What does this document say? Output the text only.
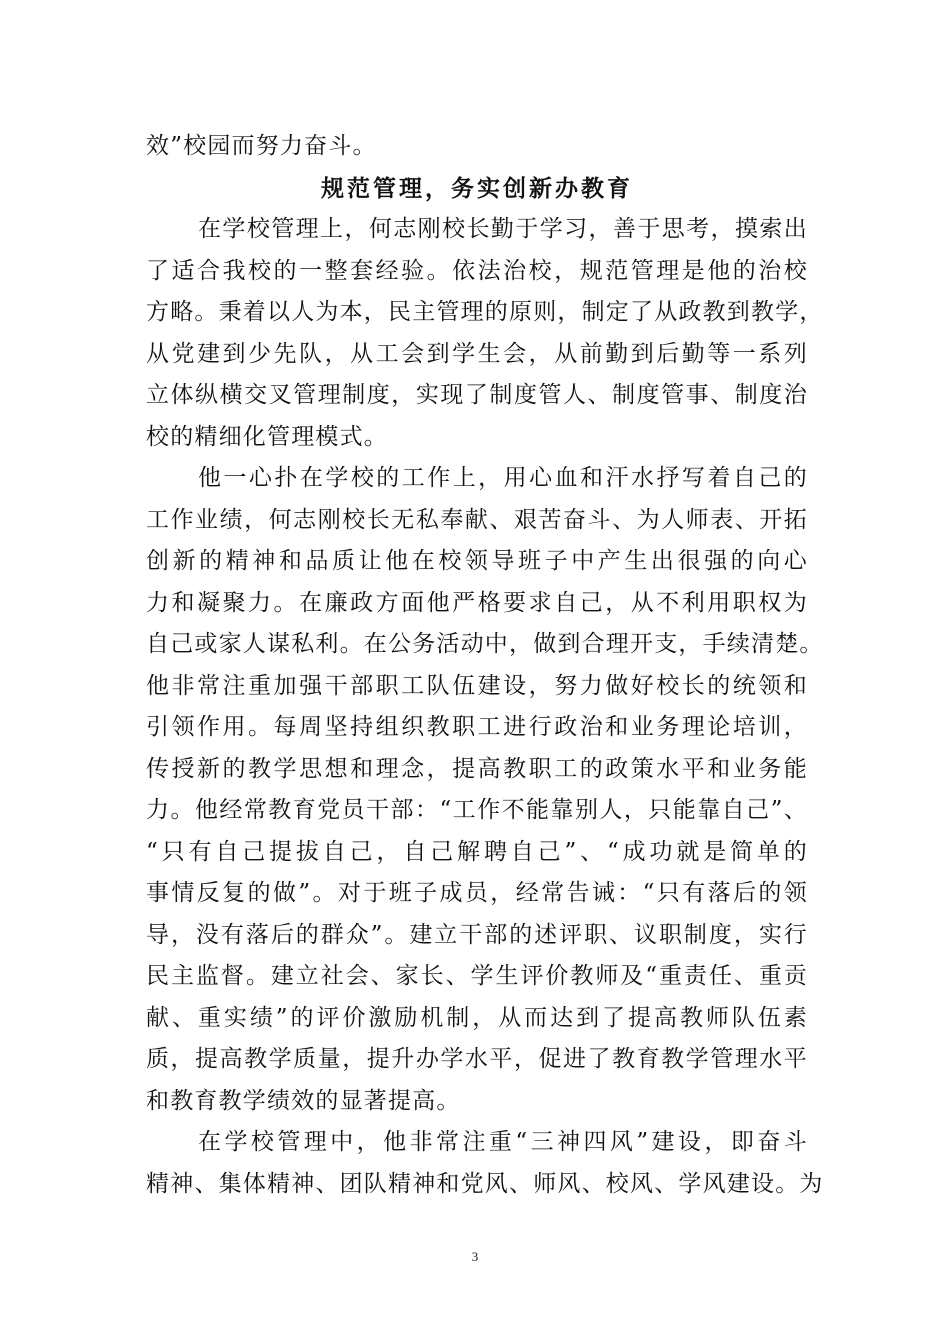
效”校园而努力奋斗。
规范管理，务实创新办教育
在学校管理上，何志刚校长勤于学习，善于思考，摸索出
了适合我校的一整套经验。依法治校，规范管理是他的治校
方略。秉着以人为本，民主管理的原则，制定了从政教到教学，
从党建到少先队，从工会到学生会，从前勤到后勤等一系列
立体纵横交叉管理制度，实现了制度管人、制度管事、制度治
校的精细化管理模式。
他一心扑在学校的工作上，用心血和汗水抒写着自己的
工作业绩，何志刚校长无私奉献、艰苦奋斗、为人师表、开拓
创新的精神和品质让他在校领导班子中产生出很强的向心
力和凝聚力。在廉政方面他严格要求自己，从不利用职权为
自己或家人谋私利。在公务活动中，做到合理开支，手续清楚。
他非常注重加强干部职工队伍建设，努力做好校长的统领和
引领作用。每周坚持组织教职工进行政治和业务理论培训，
传授新的教学思想和理念，提高教职工的政策水平和业务能
力。他经常教育党员干部：“工作不能靠别人，只能靠自己”、
“只有自己提拔自己，自己解聘自己”、“成功就是简单的
事情反复的做”。对于班子成员，经常告诫：“只有落后的领
导，没有落后的群众”。建立干部的述评职、议职制度，实行
民主监督。建立社会、家长、学生评价教师及“重责任、重贡
献、重实绩”的评价激励机制，从而达到了提高教师队伍素
质，提高教学质量，提升办学水平，促进了教育教学管理水平
和教育教学绩效的显著提高。
在学校管理中，他非常注重“三神四风”建设，即奋斗
精神、集体精神、团队精神和党风、师风、校风、学风建设。为
3
